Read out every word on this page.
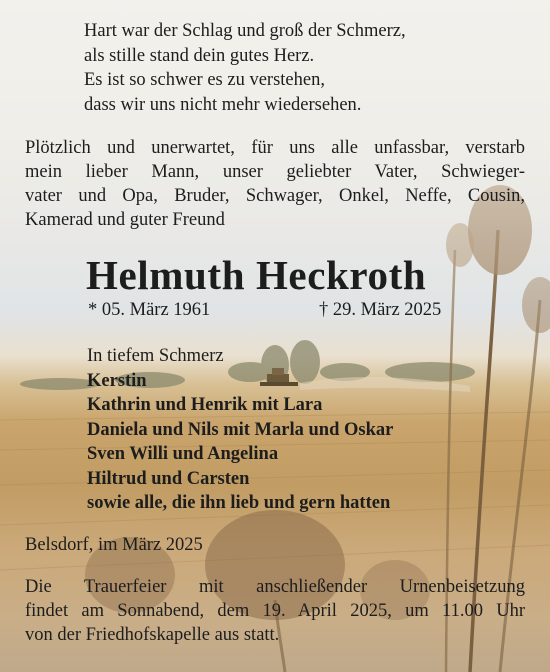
Hart war der Schlag und groß der Schmerz,
als stille stand dein gutes Herz.
Es ist so schwer es zu verstehen,
dass wir uns nicht mehr wiedersehen.
Plötzlich und unerwartet, für uns alle unfassbar, verstarb
mein lieber Mann, unser geliebter Vater, Schwieger-
vater und Opa, Bruder, Schwager, Onkel, Neffe, Cousin,
Kamerad und guter Freund
Helmuth Heckroth
* 05. März 1961	† 29. März 2025
In tiefem Schmerz
Kerstin
Kathrin und Henrik mit Lara
Daniela und Nils mit Marla und Oskar
Sven Willi und Angelina
Hiltrud und Carsten
sowie alle, die ihn lieb und gern hatten
Belsdorf, im März 2025
Die Trauerfeier mit anschließender Urnenbeisetzung
findet am Sonnabend, dem 19. April 2025, um 11.00 Uhr
von der Friedhofskapelle aus statt.
